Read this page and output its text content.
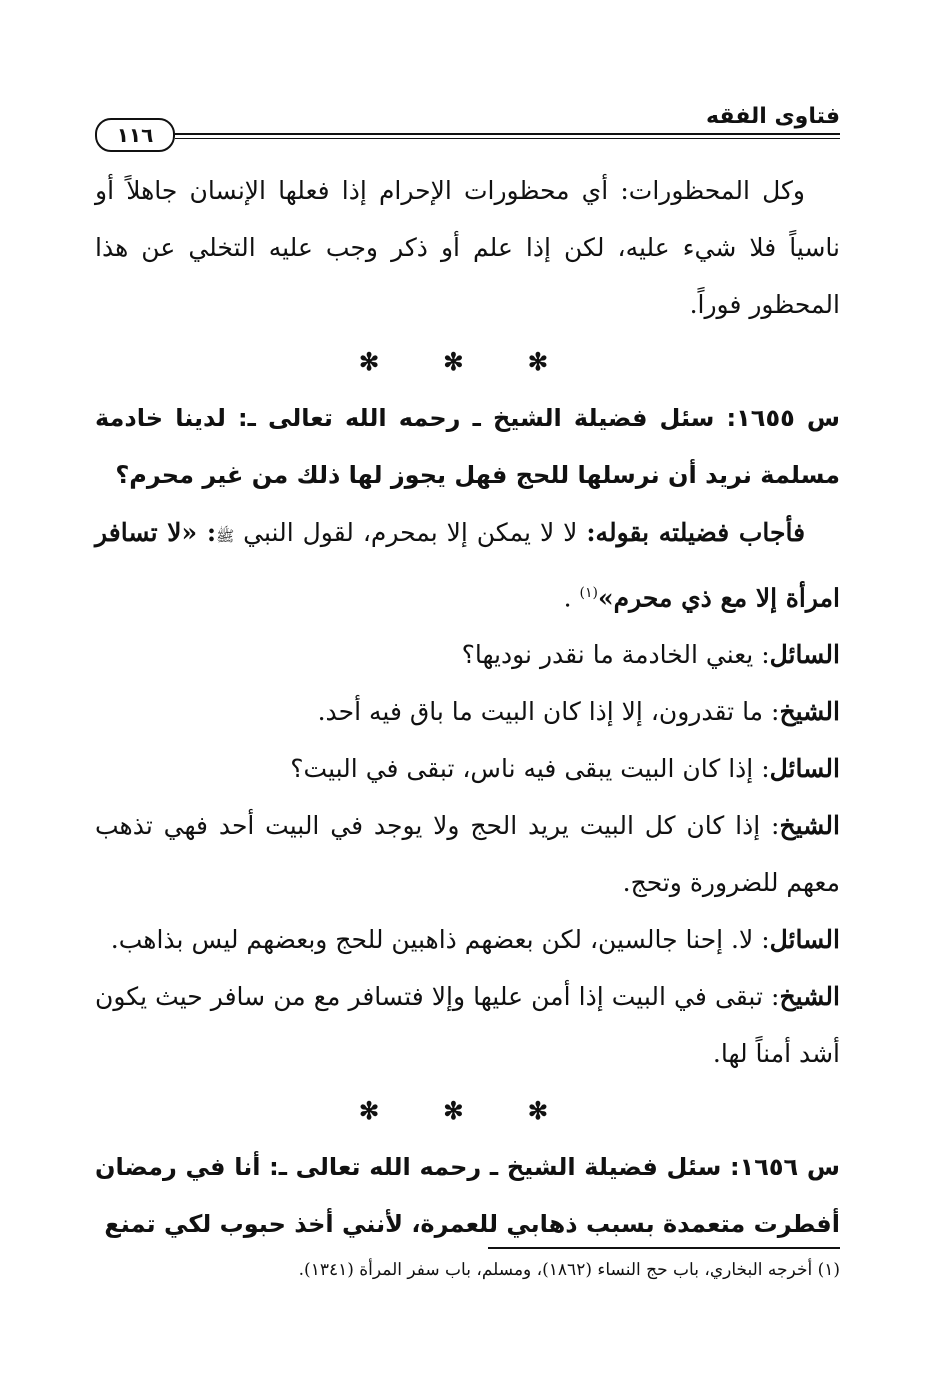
فتاوى الفقه
١١٦

وكل المحظورات: أي محظورات الإحرام إذا فعلها الإنسان جاهلاً أو ناسياً فلا شيء عليه، لكن إذا علم أو ذكر وجب عليه التخلي عن هذا المحظور فوراً.

✻ ✻ ✻

س ١٦٥٥: سئل فضيلة الشيخ ـ رحمه الله تعالى ـ: لدينا خادمة مسلمة نريد أن نرسلها للحج فهل يجوز لها ذلك من غير محرم؟

فأجاب فضيلته بقوله: لا لا يمكن إلا بمحرم، لقول النبي ﷺ: «لا تسافر امرأة إلا مع ذي محرم»$^{(١)}$ .

السائل: يعني الخادمة ما نقدر نوديها؟

الشيخ: ما تقدرون، إلا إذا كان البيت ما باق فيه أحد.

السائل: إذا كان البيت يبقى فيه ناس، تبقى في البيت؟

الشيخ: إذا كان كل البيت يريد الحج ولا يوجد في البيت أحد فهي تذهب معهم للضرورة وتحج.

السائل: لا. إحنا جالسين، لكن بعضهم ذاهبين للحج وبعضهم ليس بذاهب.

الشيخ: تبقى في البيت إذا أمن عليها وإلا فتسافر مع من سافر حيث يكون أشد أمناً لها.

✻ ✻ ✻

س ١٦٥٦: سئل فضيلة الشيخ ـ رحمه الله تعالى ـ: أنا في رمضان أفطرت متعمدة بسبب ذهابي للعمرة، لأنني أخذ حبوب لكي تمنع

(١) أخرجه البخاري، باب حج النساء (١٨٦٢)، ومسلم، باب سفر المرأة (١٣٤١).
